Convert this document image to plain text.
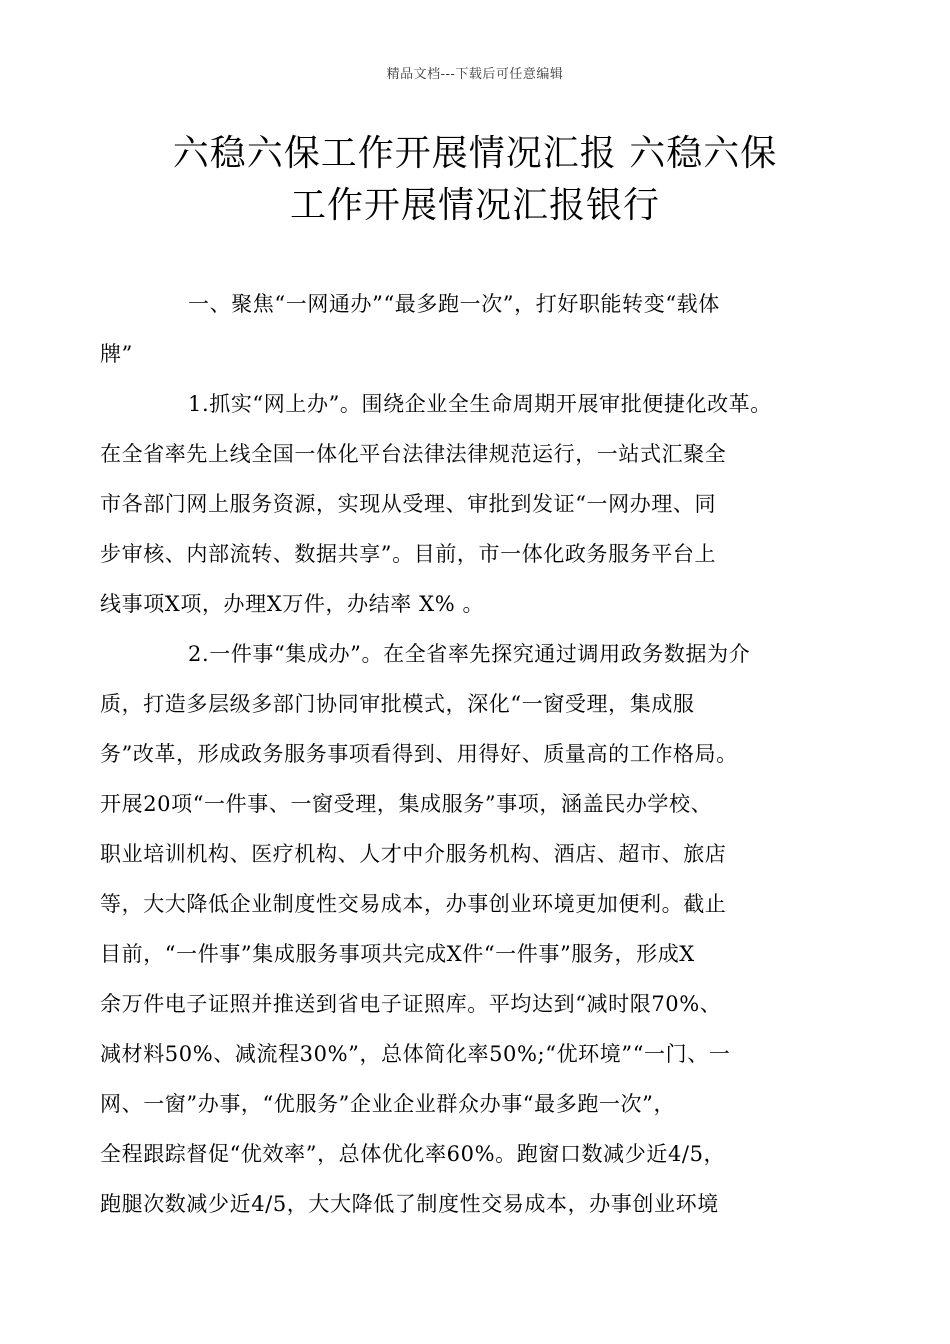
精品文档---下载后可任意编辑
六稳六保工作开展情况汇报 六稳六保
工作开展情况汇报银行

一、聚焦“一网通办”“最多跑一次”，打好职能转变“载体
牌”

1.抓实“网上办”。围绕企业全生命周期开展审批便捷化改革。
在全省率先上线全国一体化平台法律法律规范运行，一站式汇聚全
市各部门网上服务资源，实现从受理、审批到发证“一网办理、同
步审核、内部流转、数据共享”。目前，市一体化政务服务平台上
线事项X项，办理X万件，办结率 X% 。

2.一件事“集成办”。在全省率先探究通过调用政务数据为介
质，打造多层级多部门协同审批模式，深化“一窗受理，集成服
务”改革，形成政务服务事项看得到、用得好、质量高的工作格局。
开展20项“一件事、一窗受理，集成服务”事项，涵盖民办学校、
职业培训机构、医疗机构、人才中介服务机构、酒店、超市、旅店
等，大大降低企业制度性交易成本，办事创业环境更加便利。截止
目前，“一件事”集成服务事项共完成X件“一件事”服务，形成X
余万件电子证照并推送到省电子证照库。平均达到“减时限70%、
减材料50%、减流程30%”，总体简化率50%;“优环境”“一门、一
网、一窗”办事，“优服务”企业企业群众办事“最多跑一次”，
全程跟踪督促“优效率”，总体优化率60%。跑窗口数减少近4/5，
跑腿次数减少近4/5，大大降低了制度性交易成本，办事创业环境
